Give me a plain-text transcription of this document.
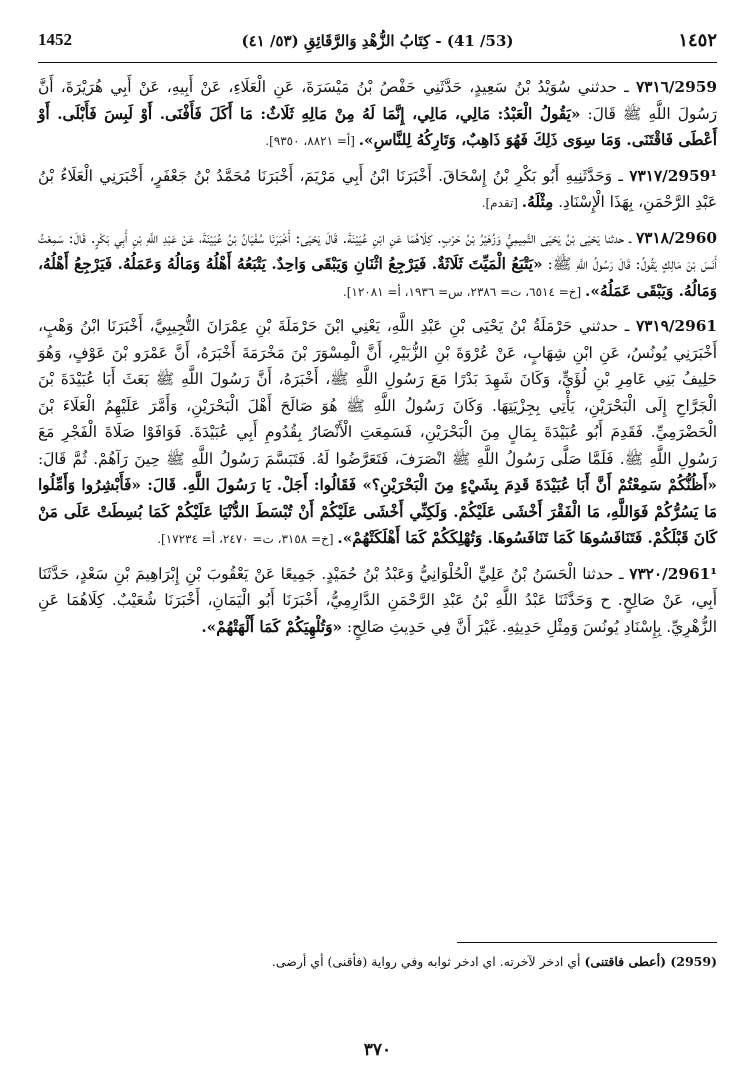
1452	(53/ 41) - كِتَابُ الزُّهْدِ وَالرَّقَائِقِ (٥٣/ ٤١)	١٤٥٢

2959/٧٣١٦ ـ حدثني سُوَيْدُ بْنُ سَعِيدٍ، حَدَّثَنِي حَفْصُ بْنُ مَيْسَرَةَ، عَنِ الْعَلَاءِ، عَنْ أَبِيهِ، عَنْ أَبِي هُرَيْرَةَ، أَنَّ رَسُولَ اللَّهِ ﷺ قَالَ: «يَقُولُ الْعَبْدُ: مَالِي، مَالِي، إِنَّمَا لَهُ مِنْ مَالِهِ ثَلَاثٌ: مَا أَكَلَ فَأَفْنَى. أَوْ لَبِسَ فَأَبْلَى. أَوْ أَعْطَى فَاقْتَنَى. وَمَا سِوَى ذَلِكَ فَهُوَ ذَاهِبٌ، وَتَارِكُهُ لِلنَّاسِ». [أ= ٨٨٢١، ٩٣٥٠].

2959¹/٧٣١٧ ـ وَحَدَّثَنِيهِ أَبُو بَكْرِ بْنُ إِسْحَاقَ. أَخْبَرَنَا ابْنُ أَبِي مَرْيَمَ، أَخْبَرَنَا مُحَمَّدُ بْنُ جَعْفَرٍ، أَخْبَرَنِي الْعَلَاءُ بْنُ عَبْدِ الرَّحْمَنِ، بِهَذَا الْإِسْنَادِ. مِثْلَهُ. [تقدم].

2960/٧٣١٨ ـ حدثنا يَحْيَى بْنُ يَحْيَى التَّمِيمِيُّ وَزُهَيْرُ بْنُ حَرْبٍ. كِلَاهُمَا عَنِ ابْنِ عُيَيْنَةَ. قَالَ يَحْيَى: أَخْبَرَنَا سُفْيَانُ بْنُ عُيَيْنَةَ، عَنْ عَبْدِ اللَّهِ بْنِ أَبِي بَكْرٍ. قَالَ: سَمِعْتُ أَنَسَ بْنَ مَالِكٍ يَقُولُ: قَالَ رَسُولُ اللَّهِ ﷺ: «يَتْبَعُ الْمَيِّتَ ثَلَاثَةٌ. فَيَرْجِعُ اثْنَانِ وَيَبْقَى وَاحِدٌ. يَتْبَعُهُ أَهْلُهُ وَمَالُهُ وَعَمَلُهُ. فَيَرْجِعُ أَهْلُهُ، وَمَالُهُ. وَيَبْقَى عَمَلُهُ». [خ= ٦٥١٤، ت= ٢٣٨٦، س= ١٩٣٦، أ= ١٢٠٨١].

2961/٧٣١٩ ـ حدثني حَرْمَلَةُ بْنُ يَحْيَى بْنِ عَبْدِ اللَّهِ، يَعْنِي ابْنَ حَرْمَلَةَ بْنِ عِمْرَانَ التُّجِيبِيَّ، أَخْبَرَنَا ابْنُ وَهْبٍ، أَخْبَرَنِي يُونُسُ، عَنِ ابْنِ شِهَابٍ، عَنْ عُرْوَةَ بْنِ الزُّبَيْرِ، أَنَّ الْمِسْوَرَ بْنَ مَخْرَمَةَ أَخْبَرَهُ، أَنَّ عَمْرَو بْنَ عَوْفٍ، وَهُوَ حَلِيفُ بَنِي عَامِرِ بْنِ لُؤَيٍّ، وَكَانَ شَهِدَ بَدْرًا مَعَ رَسُولِ اللَّهِ ﷺ، أَخْبَرَهُ، أَنَّ رَسُولَ اللَّهِ ﷺ بَعَثَ أَبَا عُبَيْدَةَ بْنَ الْجَرَّاحِ إِلَى الْبَحْرَيْنِ، يَأْتِي بِجِزْيَتِهَا. وَكَانَ رَسُولُ اللَّهِ ﷺ هُوَ صَالَحَ أَهْلَ الْبَحْرَيْنِ، وَأَمَّرَ عَلَيْهِمُ الْعَلَاءَ بْنَ الْحَضْرَمِيِّ. فَقَدِمَ أَبُو عُبَيْدَةَ بِمَالٍ مِنَ الْبَحْرَيْنِ، فَسَمِعَتِ الْأَنْصَارُ بِقُدُومِ أَبِي عُبَيْدَةَ. فَوَافَوْا صَلَاةَ الْفَجْرِ مَعَ رَسُولِ اللَّهِ ﷺ. فَلَمَّا صَلَّى رَسُولُ اللَّهِ ﷺ انْصَرَفَ، فَتَعَرَّضُوا لَهُ. فَتَبَسَّمَ رَسُولُ اللَّهِ ﷺ حِينَ رَآهُمْ. ثُمَّ قَالَ: «أَظُنُّكُمْ سَمِعْتُمْ أَنَّ أَبَا عُبَيْدَةَ قَدِمَ بِشَيْءٍ مِنَ الْبَحْرَيْنِ؟» فَقَالُوا: أَجَلْ. يَا رَسُولَ اللَّهِ. قَالَ: «فَأَبْشِرُوا وَأَمِّلُوا مَا يَسُرُّكُمْ فَوَاللَّهِ، مَا الْفَقْرَ أَخْشَى عَلَيْكُمْ. وَلَكِنِّي أَخْشَى عَلَيْكُمْ أَنْ تُبْسَطَ الدُّنْيَا عَلَيْكُمْ كَمَا بُسِطَتْ عَلَى مَنْ كَانَ قَبْلَكُمْ. فَتَنَافَسُوهَا كَمَا تَنَافَسُوهَا. وَتُهْلِكَكُمْ كَمَا أَهْلَكَتْهُمْ». [خ= ٣١٥٨، ت= ٢٤٧٠، أ= ١٧٢٣٤].

2961¹/٧٣٢٠ ـ حدثنا الْحَسَنُ بْنُ عَلِيٍّ الْحُلْوَانِيُّ وَعَبْدُ بْنُ حُمَيْدٍ. جَمِيعًا عَنْ يَعْقُوبَ بْنِ إِبْرَاهِيمَ بْنِ سَعْدٍ، حَدَّثَنَا أَبِي، عَنْ صَالِحٍ. ح وَحَدَّثَنَا عَبْدُ اللَّهِ بْنُ عَبْدِ الرَّحْمَنِ الدَّارِمِيُّ، أَخْبَرَنَا أَبُو الْيَمَانِ، أَخْبَرَنَا شُعَيْبٌ. كِلَاهُمَا عَنِ الزُّهْرِيِّ. بِإِسْنَادِ يُونُسَ وَمِثْلِ حَدِيثِهِ. غَيْرَ أَنَّ فِي حَدِيثِ صَالِحٍ: «وَتُلْهِيَكُمْ كَمَا أَلْهَتْهُمْ».

(2959) (أعطى فاقتنى) أي ادخر لآخرته. اي ادخر ثوابه وفي رواية (فأقنى) أي أرضى.
٣٧٠
